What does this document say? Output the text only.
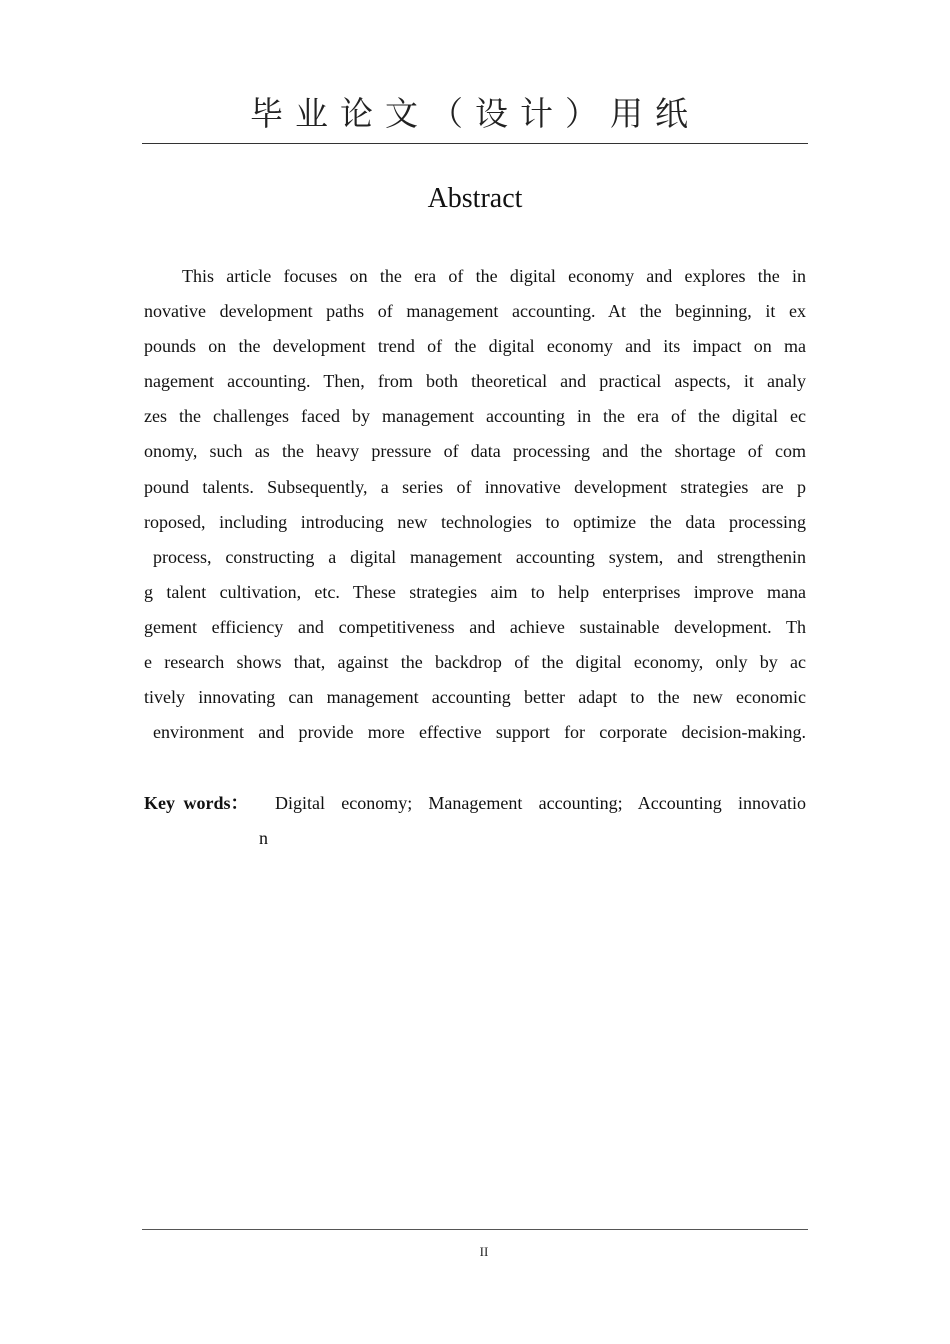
毕业论文（设计）用纸
Abstract
This article focuses on the era of the digital economy and explores the in
novative development paths of management accounting. At the beginning, it ex
pounds on the development trend of the digital economy and its impact on ma
nagement accounting. Then, from both theoretical and practical aspects, it analy
zes the challenges faced by management accounting in the era of the digital ec
onomy, such as the heavy pressure of data processing and the shortage of com
pound talents. Subsequently, a series of innovative development strategies are p
roposed, including introducing new technologies to optimize the data processing
process, constructing a digital management accounting system, and strengthenin
g talent cultivation, etc. These strategies aim to help enterprises improve mana
gement efficiency and competitiveness and achieve sustainable development. Th
e research shows that, against the backdrop of the digital economy, only by ac
tively innovating can management accounting better adapt to the new economic
environment and provide more effective support for corporate decision-making.
Key words： Digital economy; Management accounting; Accounting innovatio
n
II
